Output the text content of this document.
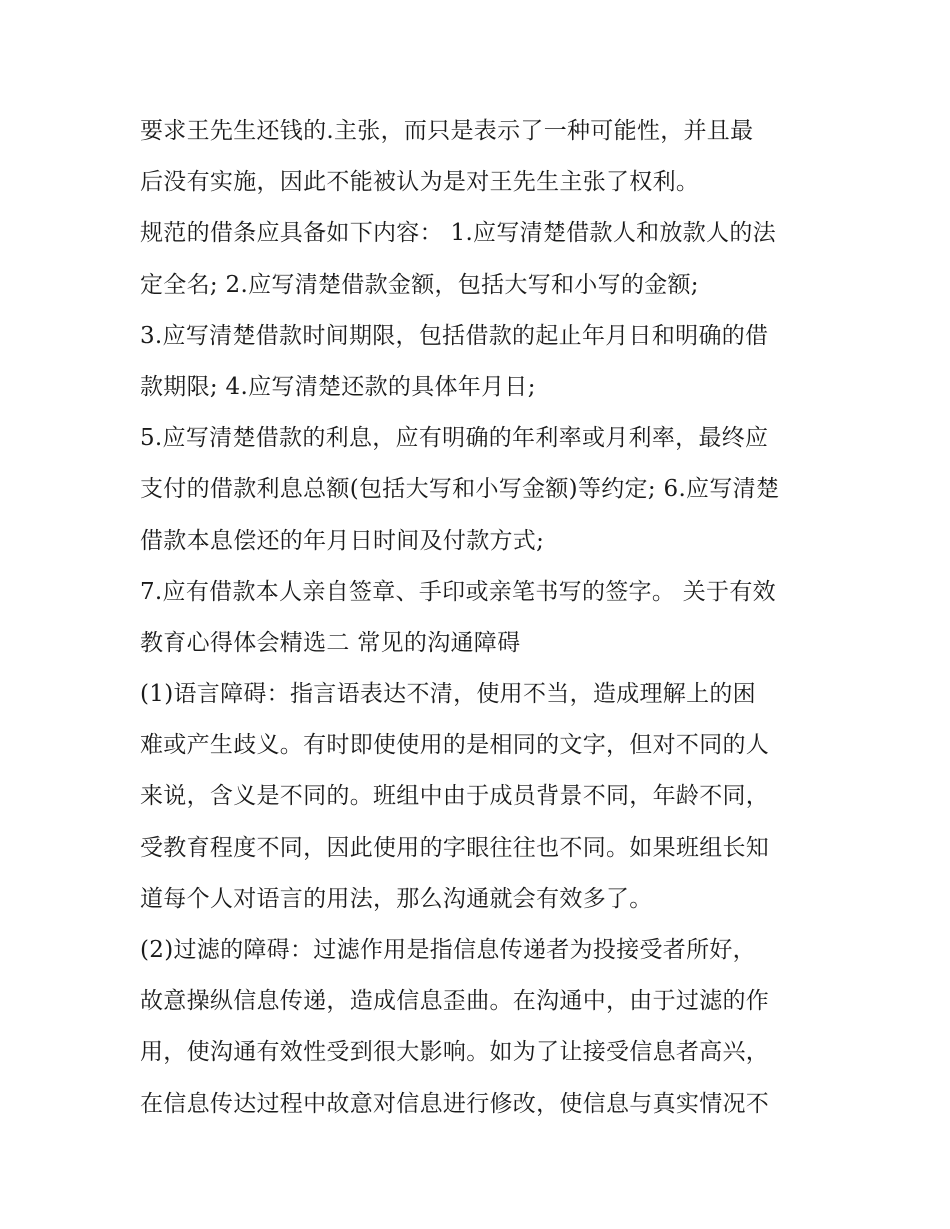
要求王先生还钱的.主张，而只是表示了一种可能性，并且最
后没有实施，因此不能被认为是对王先生主张了权利。
规范的借条应具备如下内容： 1.应写清楚借款人和放款人的法
定全名; 2.应写清楚借款金额，包括大写和小写的金额;
3.应写清楚借款时间期限，包括借款的起止年月日和明确的借
款期限; 4.应写清楚还款的具体年月日;
5.应写清楚借款的利息，应有明确的年利率或月利率，最终应
支付的借款利息总额(包括大写和小写金额)等约定; 6.应写清楚
借款本息偿还的年月日时间及付款方式;
7.应有借款本人亲自签章、手印或亲笔书写的签字。 关于有效
教育心得体会精选二 常见的沟通障碍
(1)语言障碍：指言语表达不清，使用不当，造成理解上的困
难或产生歧义。有时即使使用的是相同的文字，但对不同的人
来说，含义是不同的。班组中由于成员背景不同，年龄不同，
受教育程度不同，因此使用的字眼往往也不同。如果班组长知
道每个人对语言的用法，那么沟通就会有效多了。
(2)过滤的障碍：过滤作用是指信息传递者为投接受者所好，
故意操纵信息传递，造成信息歪曲。在沟通中，由于过滤的作
用，使沟通有效性受到很大影响。如为了让接受信息者高兴，
在信息传达过程中故意对信息进行修改，使信息与真实情况不
